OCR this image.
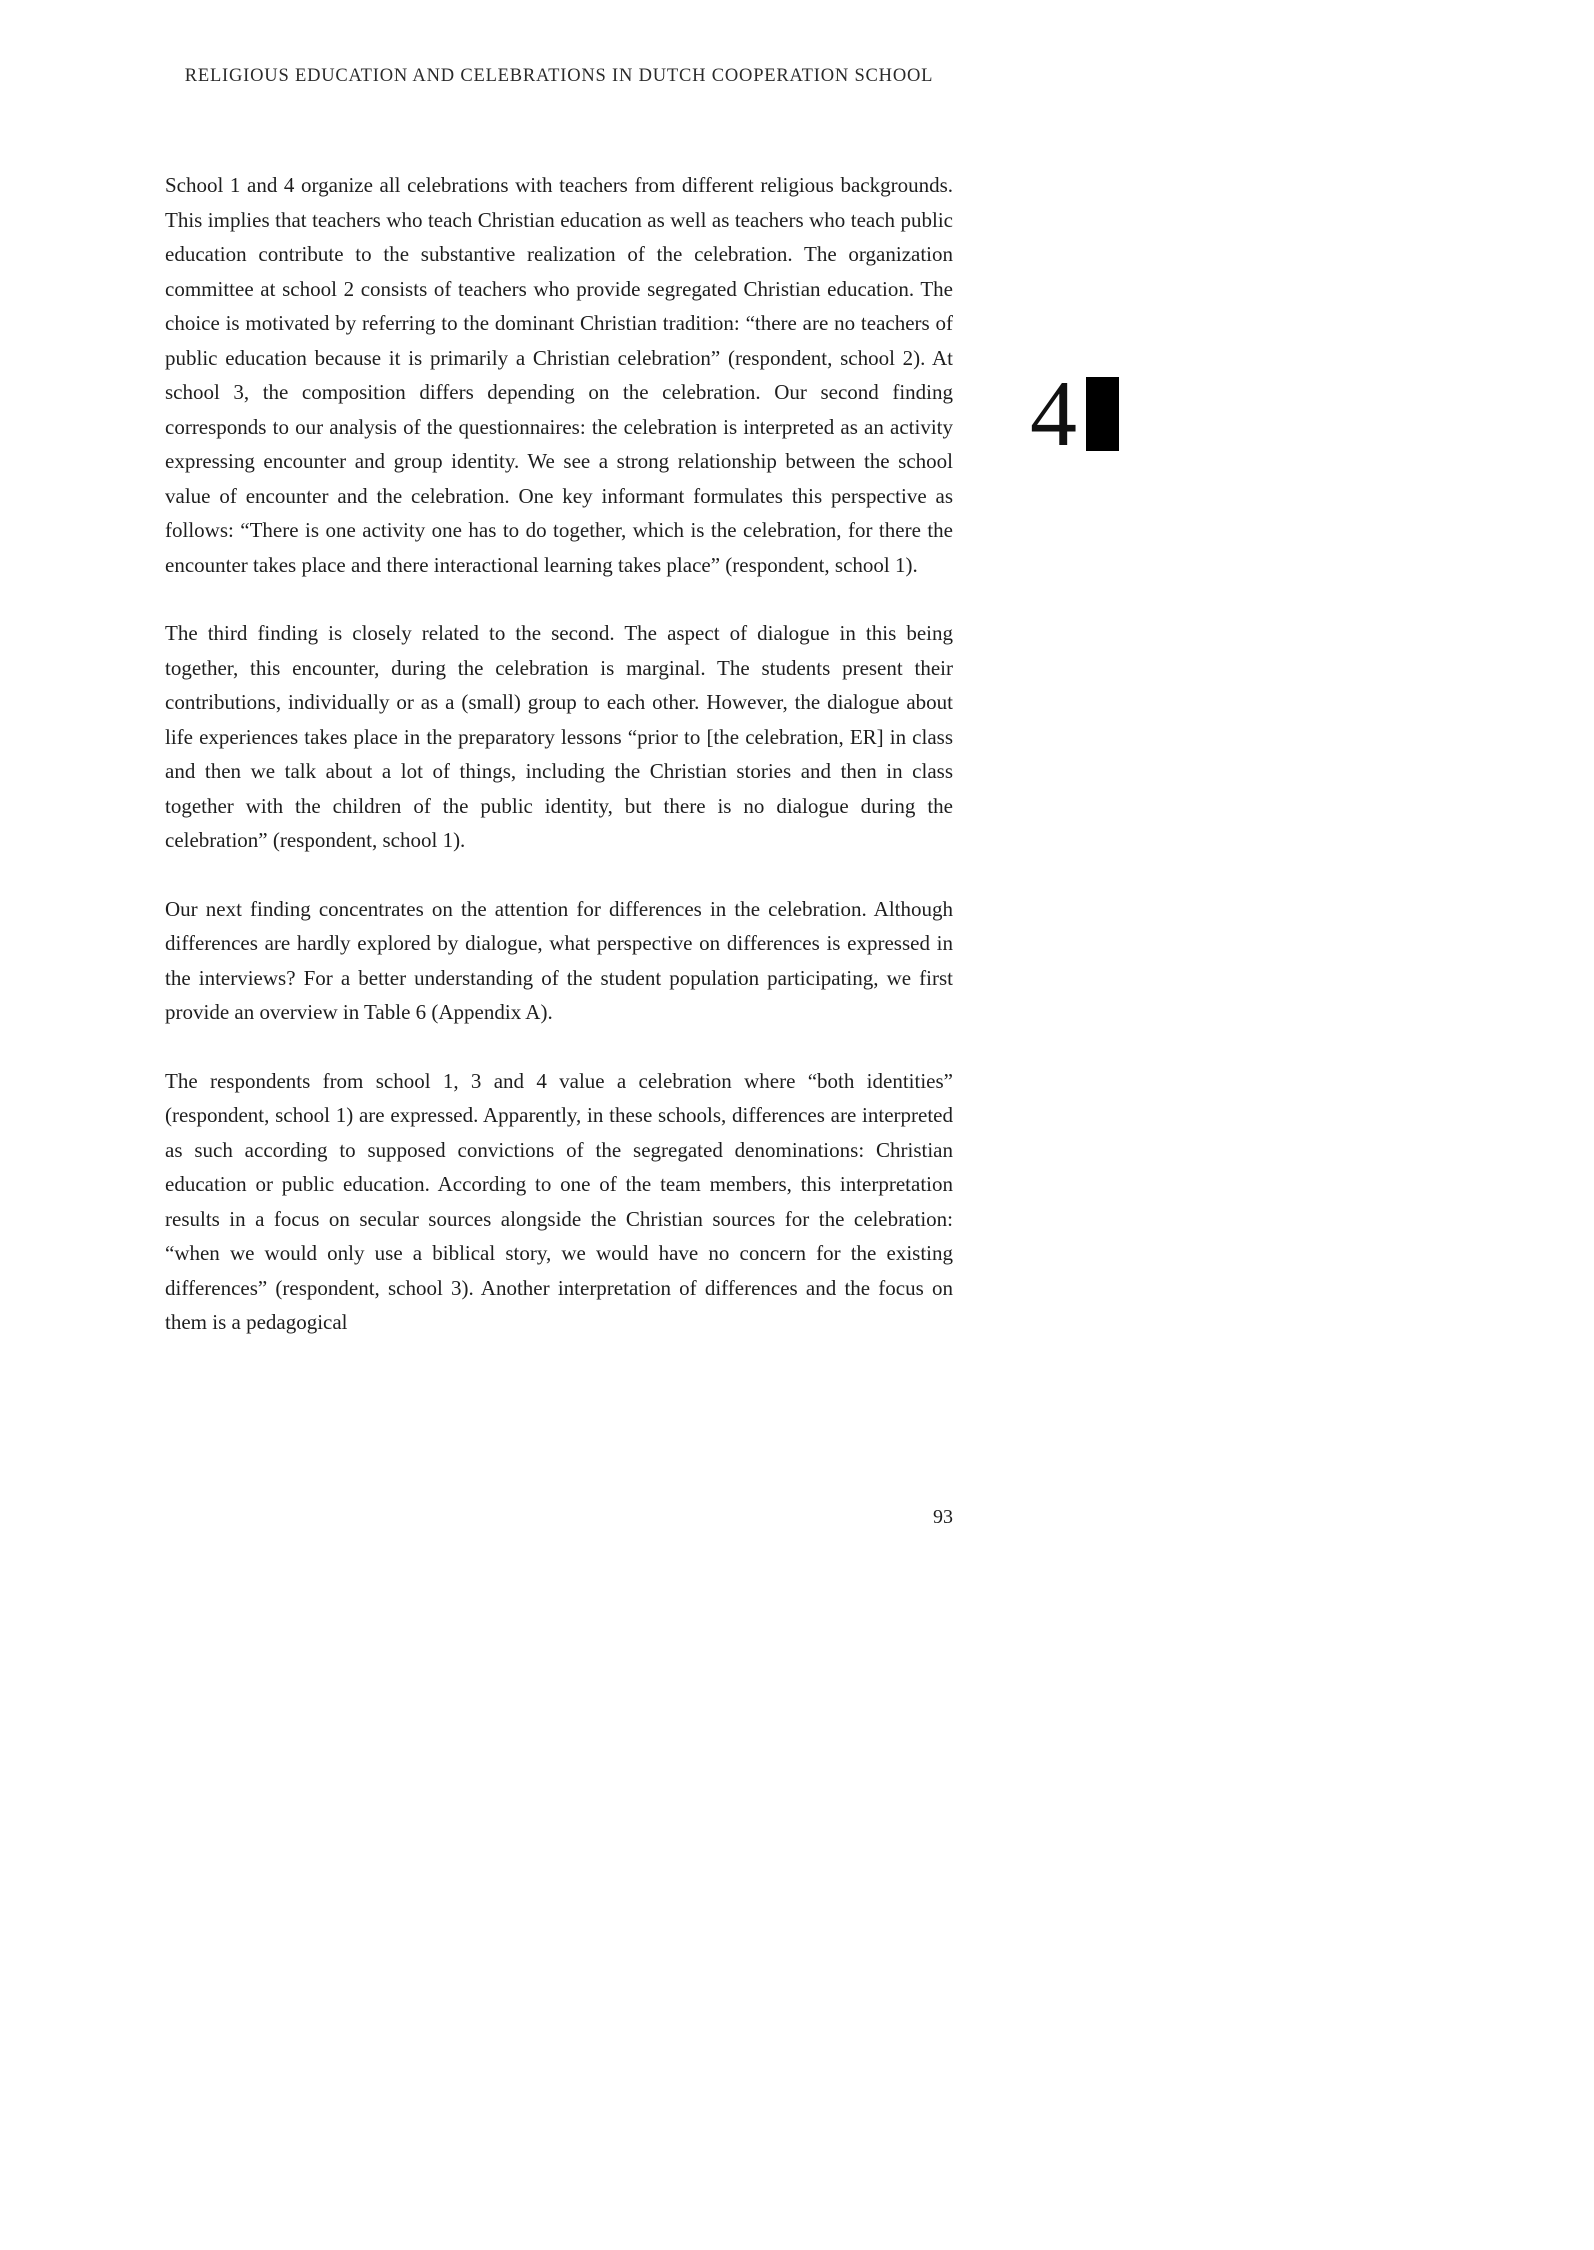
RELIGIOUS EDUCATION AND CELEBRATIONS IN DUTCH COOPERATION SCHOOL

School 1 and 4 organize all celebrations with teachers from different religious backgrounds. This implies that teachers who teach Christian education as well as teachers who teach public education contribute to the substantive realization of the celebration. The organization committee at school 2 consists of teachers who provide segregated Christian education. The choice is motivated by referring to the dominant Christian tradition: “there are no teachers of public education because it is primarily a Christian celebration” (respondent, school 2). At school 3, the composition differs depending on the celebration. Our second finding corresponds to our analysis of the questionnaires: the celebration is interpreted as an activity expressing encounter and group identity. We see a strong relationship between the school value of encounter and the celebration. One key informant formulates this perspective as follows: “There is one activity one has to do together, which is the celebration, for there the encounter takes place and there interactional learning takes place” (respondent, school 1).

The third finding is closely related to the second. The aspect of dialogue in this being together, this encounter, during the celebration is marginal. The students present their contributions, individually or as a (small) group to each other. However, the dialogue about life experiences takes place in the preparatory lessons “prior to [the celebration, ER] in class and then we talk about a lot of things, including the Christian stories and then in class together with the children of the public identity, but there is no dialogue during the celebration” (respondent, school 1).

Our next finding concentrates on the attention for differences in the celebration. Although differences are hardly explored by dialogue, what perspective on differences is expressed in the interviews? For a better understanding of the student population participating, we first provide an overview in Table 6 (Appendix A).

The respondents from school 1, 3 and 4 value a celebration where “both identities” (respondent, school 1) are expressed. Apparently, in these schools, differences are interpreted as such according to supposed convictions of the segregated denominations: Christian education or public education. According to one of the team members, this interpretation results in a focus on secular sources alongside the Christian sources for the celebration: “when we would only use a biblical story, we would have no concern for the existing differences” (respondent, school 3). Another interpretation of differences and the focus on them is a pedagogical

4
93
